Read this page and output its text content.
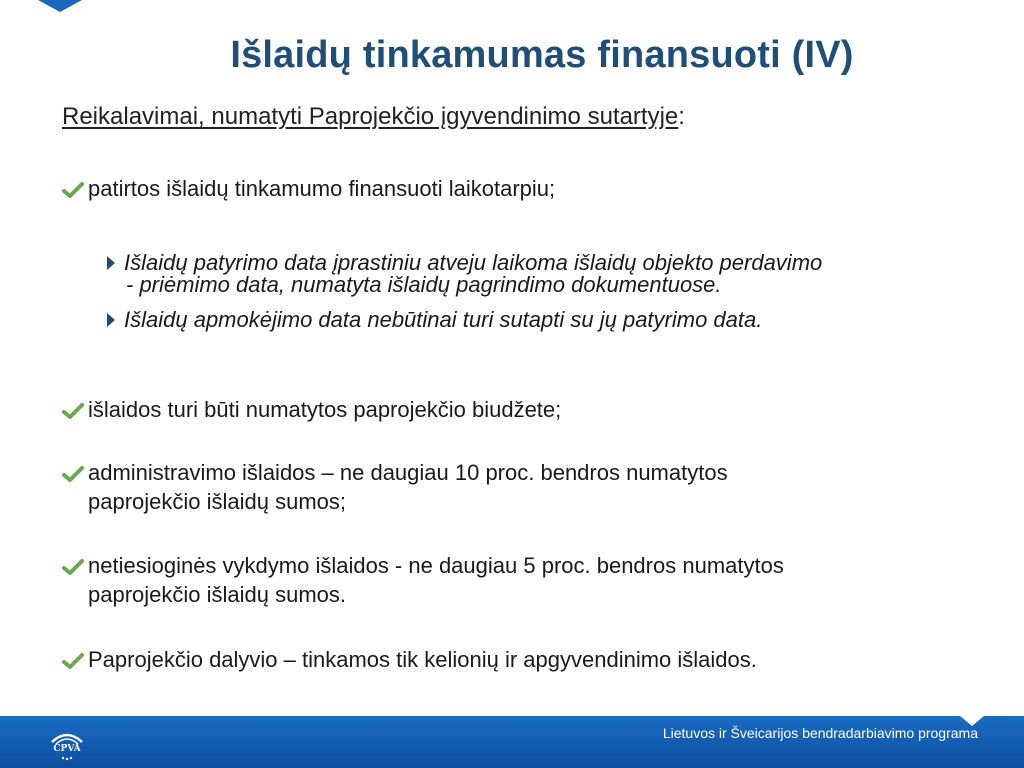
Išlaidų tinkamumas finansuoti (IV)
Reikalavimai, numatyti Paprojekčio įgyvendinimo sutartyje:
patirtos išlaidų tinkamumo finansuoti laikotarpiu;
Išlaidų patyrimo data įprastiniu atveju laikoma išlaidų objekto perdavimo
- priėmimo data, numatyta išlaidų pagrindimo dokumentuose.
Išlaidų apmokėjimo data nebūtinai turi sutapti su jų patyrimo data.
išlaidos turi būti numatytos paprojekčio biudžete;
administravimo išlaidos – ne daugiau 10 proc. bendros numatytos
paprojekčio išlaidų sumos;
netiesioginės vykdymo išlaidos - ne daugiau 5 proc. bendros numatytos
paprojekčio išlaidų sumos.
Paprojekčio dalyvio – tinkamos tik kelionių ir apgyvendinimo išlaidos.
CPVA
Lietuvos ir Šveicarijos bendradarbiavimo programa
